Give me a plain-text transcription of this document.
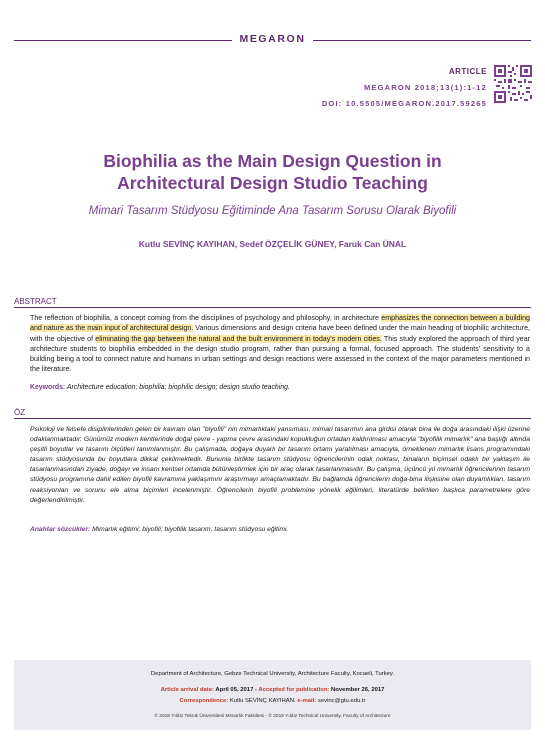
MEGARON
ARTICLE
MEGARON 2018;13(1):1-12
DOI: 10.5505/MEGARON.2017.59265
Biophilia as the Main Design Question in
Architectural Design Studio Teaching
Mimari Tasarım Stüdyosu Eğitiminde Ana Tasarım Sorusu Olarak Biyofili
Kutlu SEVİNÇ KAYIHAN, Sedef ÖZÇELİK GÜNEY, Faruk Can ÜNAL
ABSTRACT
The reflection of biophilia, a concept coming from the disciplines of psychology and philosophy, in architecture emphasizes the connection between a building and nature as the main input of architectural design. Various dimensions and design criteria have been defined under the main heading of biophilic architecture, with the objective of eliminating the gap between the natural and the built environment in today's modern cities. This study explored the approach of third year architecture students to biophilia embedded in the design studio program, rather than pursuing a formal, focused approach. The students' sensitivity to a building being a tool to connect nature and humans in urban settings and design reactions were assessed in the context of the major parameters mentioned in the literature.
Keywords: Architecture education; biophilia; biophilic design; design studio teaching.
ÖZ
Psikoloji ve felsefe disiplinlerinden gelen bir kavram olan "biyofili" nin mimarlıktaki yansıması, mimari tasarımın ana girdisi olarak bina ile doğa arasındaki ilişki üzerine odaklanmaktadır. Günümüz modern kentlerinde doğal çevre - yapma çevre arasındaki kopukluğun ortadan kaldırılması amacıyla "biyofilik mimarlık" ana başlığı altında çeşitli boyutlar ve tasarım ölçütleri tanımlanmıştır. Bu çalışmada, doğaya duyarlı bir tasarım ortamı yaratılması amacıyla, örneklenen mimarlık lisans programındaki tasarım stüdyosunda bu boyutlara dikkat çekilmektedir. Bununla birlikte tasarım stüdyosu öğrencilerinin odak noktası, binaların biçimsel odaklı bir yaklaşım ile tasarlanmasından ziyade, doğayı ve insanı kentsel ortamda bütünleştirmek için bir araç olarak tasarlanmasıdır. Bu çalışma, üçüncü yıl mimarlık öğrencilerinin tasarım stüdyosu programına dahil edilen biyofili kavramına yaklaşımını araştırmayı amaçlamaktadır. Bu bağlamda öğrencilerin doğa-bina ilişkisine olan duyarlılıkları, tasarım reaksiyonları ve sorunu ele alma biçimleri incelenmiştir. Öğrencilerin biyofili problemine yönelik eğilimleri, literatürde belirtilen başlıca parametrelere göre değerlendirilmiştir.
Anahtar sözcükler: Mimarlık eğitimi; biyofili; biyofilik tasarım; tasarım stüdyosu eğitimi.
Department of Architecture, Gebze Technical University, Architecture Faculty, Kocaeli, Turkey.
Article arrival date: April 05, 2017 - Accepted for publication: November 26, 2017
Correspondence: Kutlu SEVİNÇ KAYIHAN. e-mail: sevinc@gtu.edu.tr
© 2018 Yıldız Teknik Üniversitesi Mimarlık Fakültesi - © 2018 Yıldız Technical University, Faculty of Architecture
